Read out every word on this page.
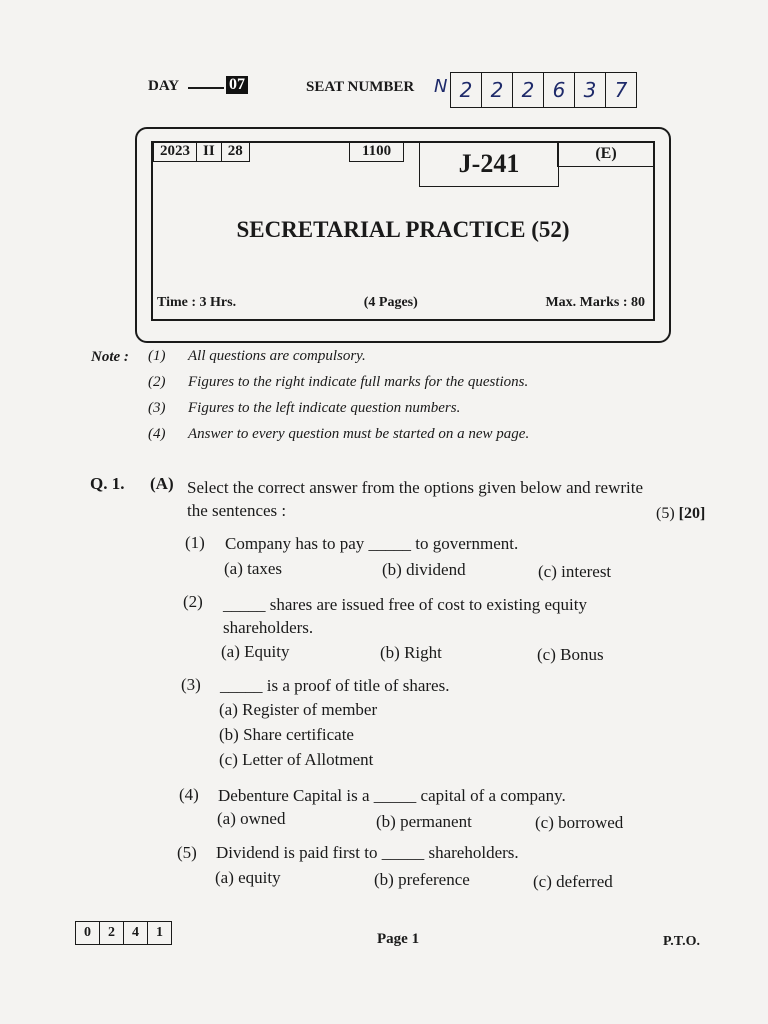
DAY	07	SEAT NUMBER N 2 2 2 6 3 7
2023 II 28	1100	J-241	(E)
SECRETARIAL PRACTICE (52)
Time : 3 Hrs.	(4 Pages)	Max. Marks : 80
Note : (1)	All questions are compulsory.
(2)	Figures to the right indicate full marks for the questions.
(3)	Figures to the left indicate question numbers.
(4)	Answer to every question must be started on a new page.
Q. 1. (A) Select the correct answer from the options given below and rewrite the sentences :	(5) [20]
(1) Company has to pay _____ to government.
(a) taxes	(b) dividend	(c) interest
(2) _____ shares are issued free of cost to existing equity shareholders.
(a) Equity	(b) Right	(c) Bonus
(3) _____ is a proof of title of shares.
(a) Register of member
(b) Share certificate
(c) Letter of Allotment
(4) Debenture Capital is a _____ capital of a company.
(a) owned	(b) permanent	(c) borrowed
(5) Dividend is paid first to _____ shareholders.
(a) equity	(b) preference	(c) deferred
0	2	4	1	Page 1	P.T.O.
